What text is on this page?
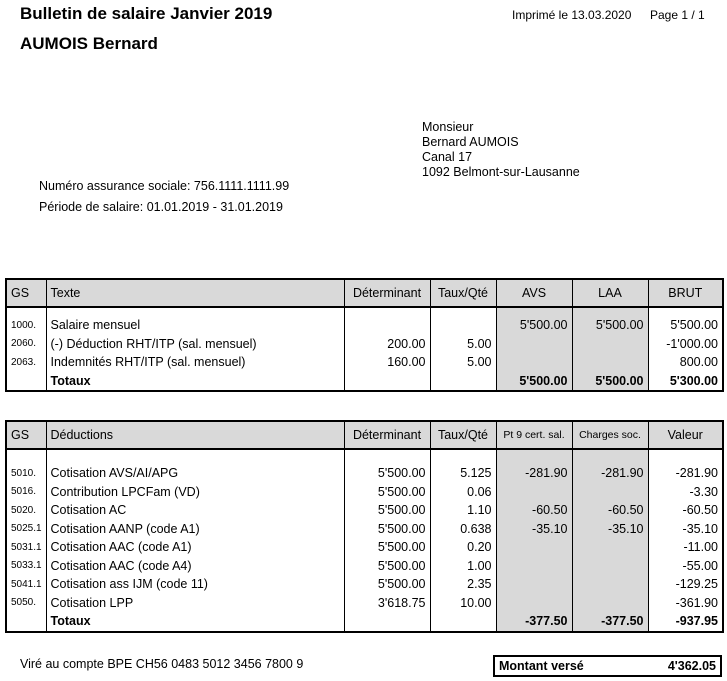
Bulletin de salaire Janvier 2019	Imprimé le 13.03.2020 Page 1 / 1
AUMOIS Bernard
Monsieur
Bernard AUMOIS
Canal 17
1092 Belmont-sur-Lausanne
Numéro assurance sociale: 756.1111.1111.99
Période de salaire: 01.01.2019 - 31.01.2019
GS	Texte	Déterminant	Taux/Qté	AVS	LAA	BRUT

1000.	Salaire mensuel			5'500.00	5'500.00	5'500.00
2060.	(-) Déduction RHT/ITP (sal. mensuel)	200.00	5.00			-1'000.00
2063.	Indemnités RHT/ITP (sal. mensuel)	160.00	5.00			800.00
	Totaux			5'500.00	5'500.00	5'300.00
GS	Déductions	Déterminant	Taux/Qté	Pt 9 cert. sal.	Charges soc.	Valeur

5010.	Cotisation AVS/AI/APG	5'500.00	5.125	-281.90	-281.90	-281.90
5016.	Contribution LPCFam (VD)	5'500.00	0.06			-3.30
5020.	Cotisation AC	5'500.00	1.10	-60.50	-60.50	-60.50
5025.1	Cotisation AANP (code A1)	5'500.00	0.638	-35.10	-35.10	-35.10
5031.1	Cotisation AAC (code A1)	5'500.00	0.20			-11.00
5033.1	Cotisation AAC (code A4)	5'500.00	1.00			-55.00
5041.1	Cotisation ass IJM (code 11)	5'500.00	2.35			-129.25
5050.	Cotisation LPP	3'618.75	10.00			-361.90
	Totaux			-377.50	-377.50	-937.95
Viré au compte BPE CH56 0483 5012 3456 7800 9	Montant versé	4'362.05
